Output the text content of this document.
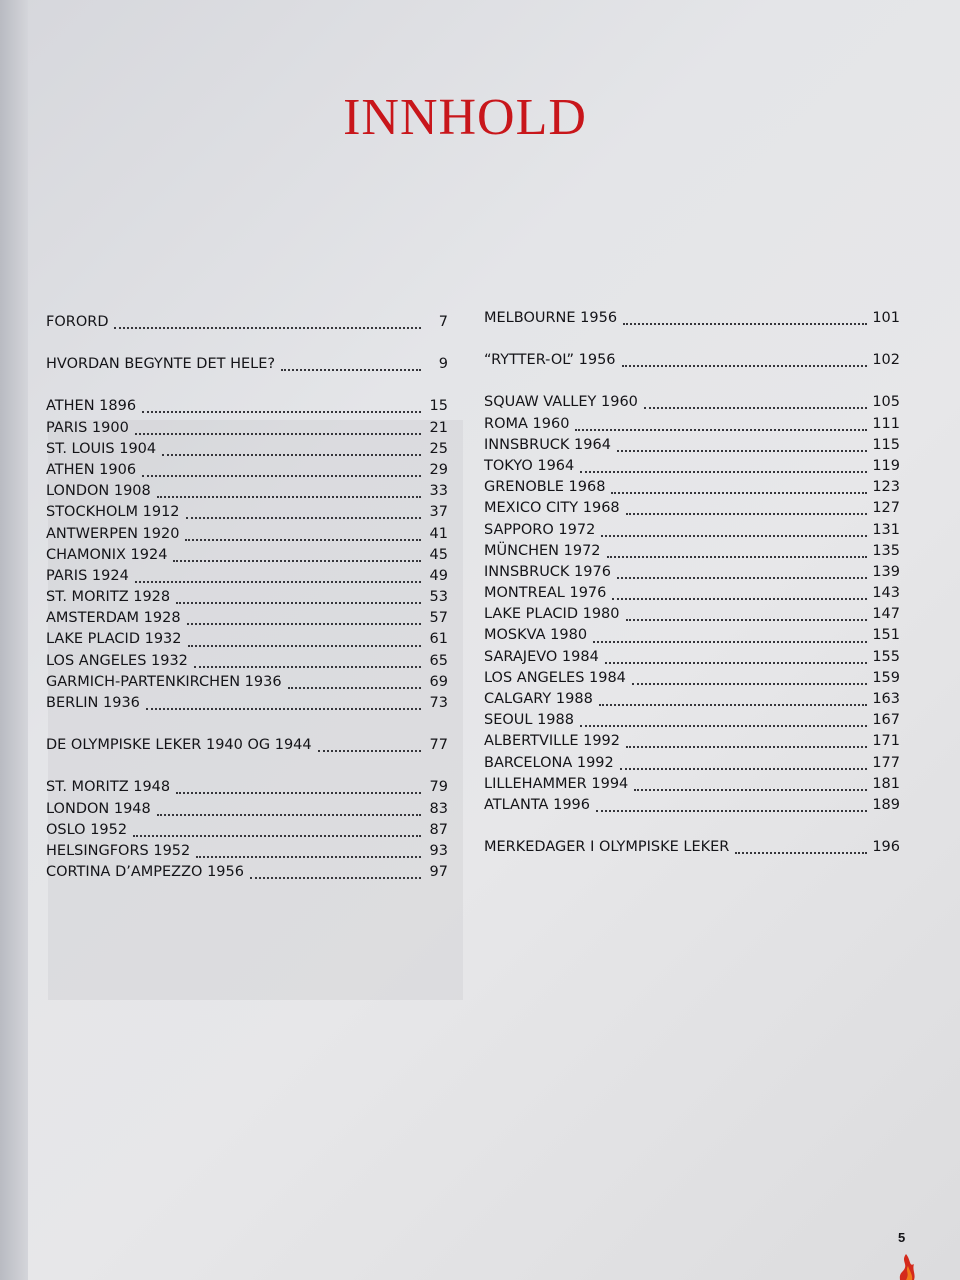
INNHOLD
FORORD	7
HVORDAN BEGYNTE DET HELE?	9
ATHEN 1896	15
PARIS 1900	21
ST. LOUIS 1904	25
ATHEN 1906	29
LONDON 1908	33
STOCKHOLM 1912	37
ANTWERPEN 1920	41
CHAMONIX 1924	45
PARIS 1924	49
ST. MORITZ 1928	53
AMSTERDAM 1928	57
LAKE PLACID 1932	61
LOS ANGELES 1932	65
GARMICH-PARTENKIRCHEN 1936	69
BERLIN 1936	73
DE OLYMPISKE LEKER 1940 OG 1944	77
ST. MORITZ 1948	79
LONDON 1948	83
OSLO 1952	87
HELSINGFORS 1952	93
CORTINA D’AMPEZZO 1956	97
MELBOURNE 1956	101
“RYTTER-OL” 1956	102
SQUAW VALLEY 1960	105
ROMA 1960	111
INNSBRUCK 1964	115
TOKYO 1964	119
GRENOBLE 1968	123
MEXICO CITY 1968	127
SAPPORO 1972	131
MÜNCHEN 1972	135
INNSBRUCK 1976	139
MONTREAL 1976	143
LAKE PLACID 1980	147
MOSKVA 1980	151
SARAJEVO 1984	155
LOS ANGELES 1984	159
CALGARY 1988	163
SEOUL 1988	167
ALBERTVILLE 1992	171
BARCELONA 1992	177
LILLEHAMMER 1994	181
ATLANTA 1996	189
MERKEDAGER I OLYMPISKE LEKER	196
5
